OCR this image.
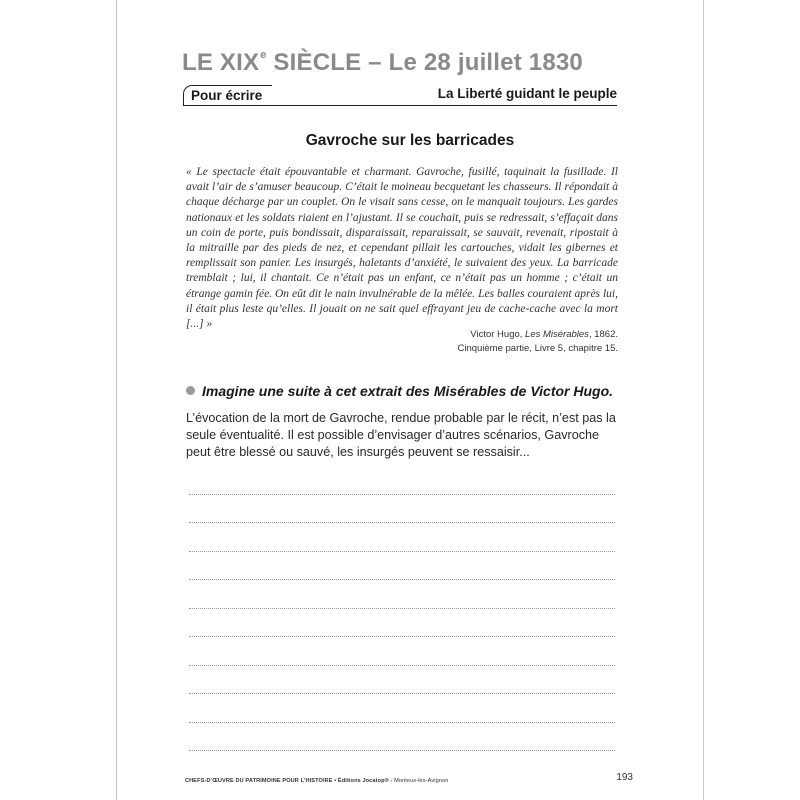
LE XIXe SIÈCLE – Le 28 juillet 1830
Pour écrire	La Liberté guidant le peuple
Gavroche sur les barricades
« Le spectacle était épouvantable et charmant. Gavroche, fusillé, taquinait la fusillade. Il avait l’air de s’amuser beaucoup. C’était le moineau becquetant les chasseurs. Il répondait à chaque décharge par un couplet. On le visait sans cesse, on le manquait toujours. Les gardes nationaux et les soldats riaient en l’ajustant. Il se couchait, puis se redressait, s’effaçait dans un coin de porte, puis bondissait, disparaissait, reparaissait, se sauvait, revenait, ripostait à la mitraille par des pieds de nez, et cependant pillait les cartouches, vidait les gibernes et remplissait son panier. Les insurgés, haletants d’anxiété, le suivaient des yeux. La barricade tremblait ; lui, il chantait. Ce n’était pas un enfant, ce n’était pas un homme ; c’était un étrange gamin fée. On eût dit le nain invulnérable de la mêlée. Les balles couraient après lui, il était plus leste qu’elles. Il jouait on ne sait quel effrayant jeu de cache-cache avec la mort [...] »
Victor Hugo, Les Misérables, 1862.
Cinquième partie, Livre 5, chapitre 15.
Imagine une suite à cet extrait des Misérables de Victor Hugo.
L’évocation de la mort de Gavroche, rendue probable par le récit, n’est pas la seule éventualité. Il est possible d’envisager d’autres scénarios, Gavroche peut être blessé ou sauvé, les insurgés peuvent se ressaisir...
CHEFS-D’ŒUVRE DU PATRIMOINE POUR L’HISTOIRE • Éditions Jocatop® - Monteux-lès-Avignon	193
